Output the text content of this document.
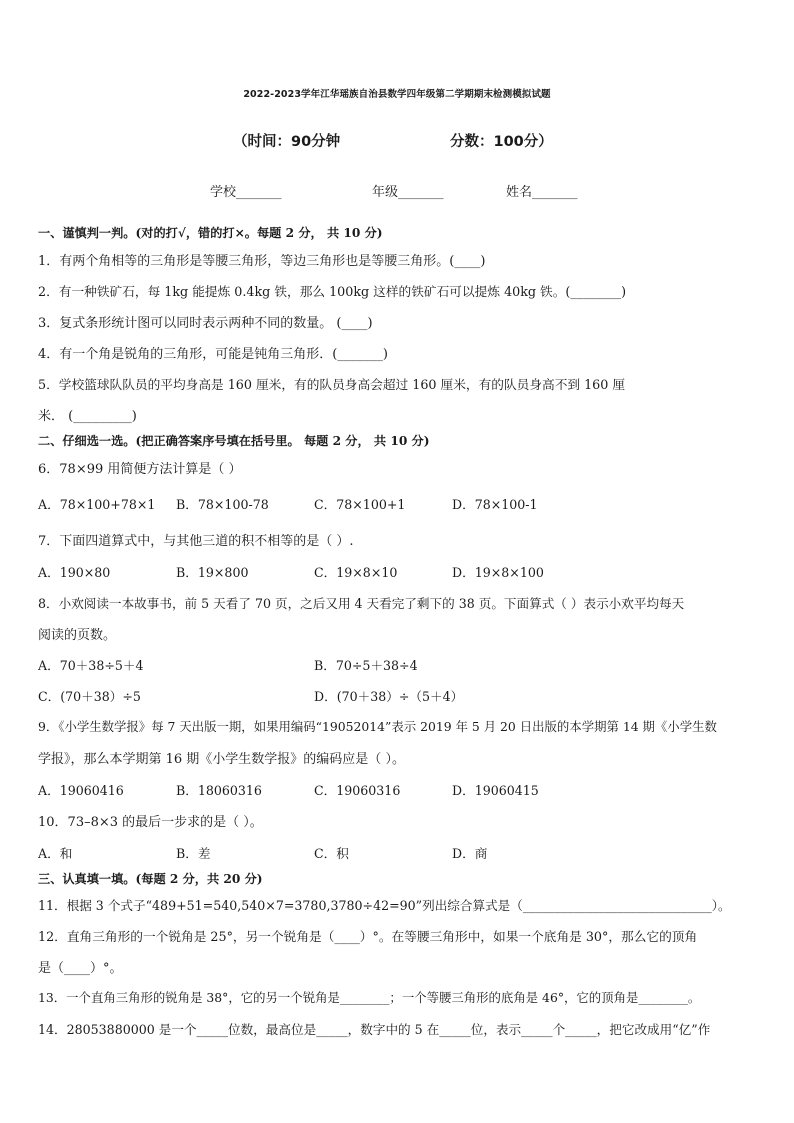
2022-2023学年江华瑶族自治县数学四年级第二学期期末检测模拟试题
（时间：90分钟	分数：100分）
学校_______	年级_______	姓名_______
一、谨慎判一判。(对的打√，错的打×。每题 2 分， 共 10 分)
1．有两个角相等的三角形是等腰三角形，等边三角形也是等腰三角形。(____)
2．有一种铁矿石，每 1kg 能提炼 0.4kg 铁，那么 100kg 这样的铁矿石可以提炼 40kg 铁。(________)
3．复式条形统计图可以同时表示两种不同的数量。 (____)
4．有一个角是锐角的三角形，可能是钝角三角形．(_______)
5．学校篮球队队员的平均身高是 160 厘米，有的队员身高会超过 160 厘米，有的队员身高不到 160 厘
米． (_________)
二、仔细选一选。(把正确答案序号填在括号里。 每题 2 分， 共 10 分)
6．78×99 用简便方法计算是（ ）
A．78×100+78×1 B．78×100-78	C．78×100+1	D．78×100-1
7．下面四道算式中，与其他三道的积不相等的是（ ）.
A．190×80	B．19×800	C．19×8×10	D．19×8×100
8．小欢阅读一本故事书，前 5 天看了 70 页，之后又用 4 天看完了剩下的 38 页。下面算式（ ）表示小欢平均每天
阅读的页数。
A．70＋38÷5＋4	B．70÷5＋38÷4
C．(70＋38）÷5	D．(70＋38）÷（5＋4）
9．《小学生数学报》每 7 天出版一期，如果用编码“19052014”表示 2019 年 5 月 20 日出版的本学期第 14 期《小学生数
学报》，那么本学期第 16 期《小学生数学报》的编码应是（ ）。
A．19060416	B．18060316	C．19060316	D．19060415
10．73–8×3 的最后一步求的是（ ）。
A．和	B．差	C．积	D．商
三、认真填一填。(每题 2 分，共 20 分)
11．根据 3 个式子“489+51=540,540×7=3780,3780÷42=90”列出综合算式是（______________________________）。
12．直角三角形的一个锐角是 25°，另一个锐角是（____）°。在等腰三角形中，如果一个底角是 30°，那么它的顶角
是（____）°。
13．一个直角三角形的锐角是 38°，它的另一个锐角是________；一个等腰三角形的底角是 46°，它的顶角是________。
14．28053880000 是一个_____位数，最高位是_____，数字中的 5 在_____位，表示_____个_____，把它改成用“亿”作
